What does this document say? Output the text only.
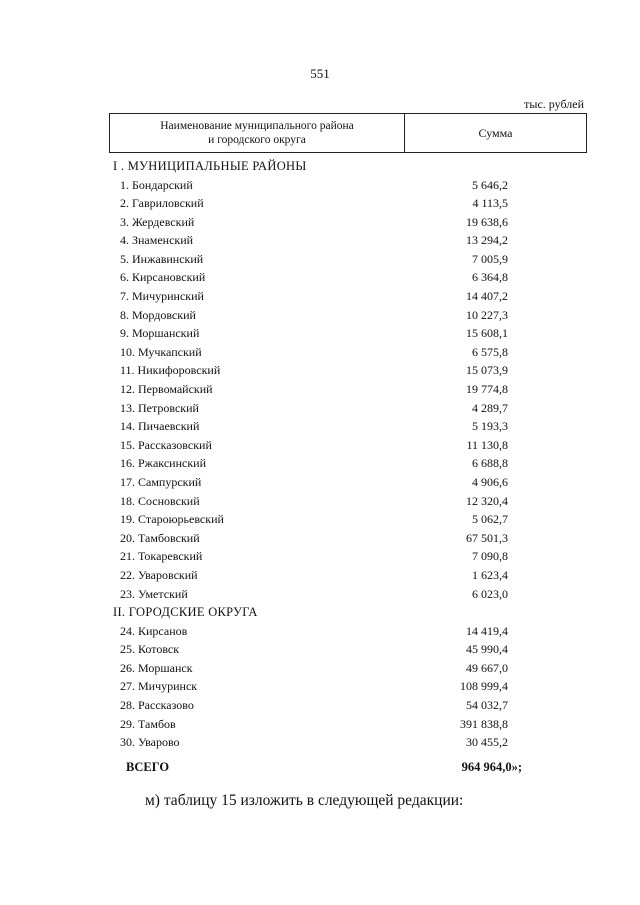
551
тыс. рублей
Наименование муниципального района
и городского округа
Сумма
I . МУНИЦИПАЛЬНЫЕ РАЙОНЫ
1. Бондарский	5 646,2
2. Гавриловский	4 113,5
3. Жердевский	19 638,6
4. Знаменский	13 294,2
5. Инжавинский	7 005,9
6. Кирсановский	6 364,8
7. Мичуринский	14 407,2
8. Мордовский	10 227,3
9. Моршанский	15 608,1
10. Мучкапский	6 575,8
11. Никифоровский	15 073,9
12. Первомайский	19 774,8
13. Петровский	4 289,7
14. Пичаевский	5 193,3
15. Рассказовский	11 130,8
16. Ржаксинский	6 688,8
17. Сампурский	4 906,6
18. Сосновский	12 320,4
19. Староюрьевский	5 062,7
20. Тамбовский	67 501,3
21. Токаревский	7 090,8
22. Уваровский	1 623,4
23. Уметский	6 023,0
II. ГОРОДСКИЕ ОКРУГА
24. Кирсанов	14 419,4
25. Котовск	45 990,4
26. Моршанск	49 667,0
27. Мичуринск	108 999,4
28. Рассказово	54 032,7
29. Тамбов	391 838,8
30. Уварово	30 455,2
ВСЕГО	964 964,0»;
м) таблицу 15 изложить в следующей редакции:
